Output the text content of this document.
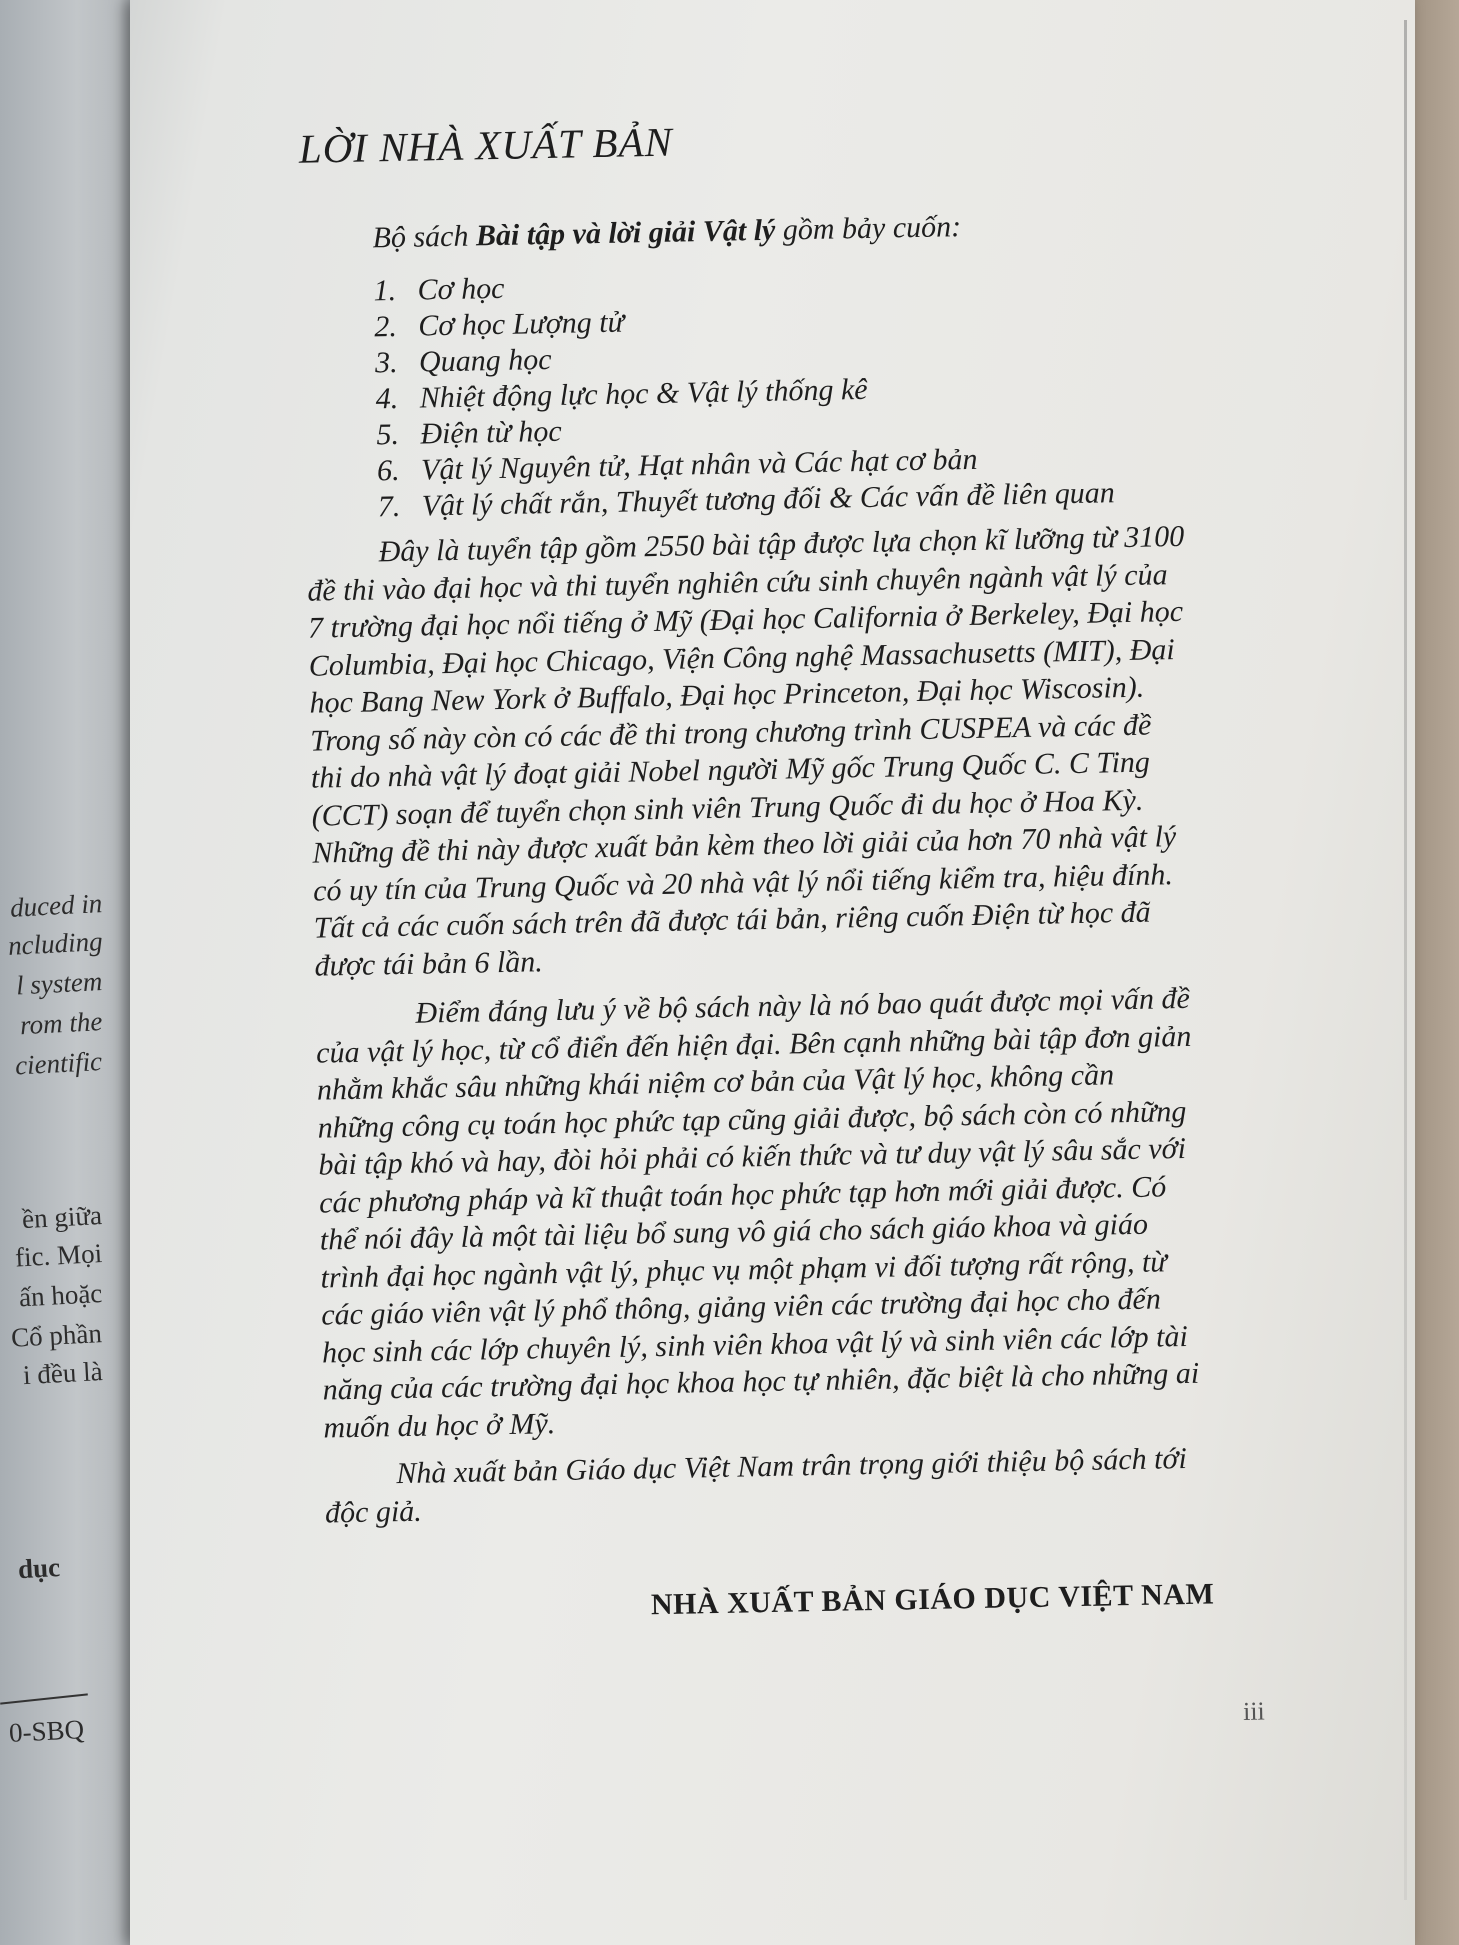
duced in
ncluding
l system
rom the
cientific
ền giữa
fic. Mọi
ấn hoặc
Cổ phần
i đều là
dục
0-SBQ
LỜI NHÀ XUẤT BẢN
Bộ sách Bài tập và lời giải Vật lý gồm bảy cuốn:
1. Cơ học
2. Cơ học Lượng tử
3. Quang học
4. Nhiệt động lực học & Vật lý thống kê
5. Điện từ học
6. Vật lý Nguyên tử, Hạt nhân và Các hạt cơ bản
7. Vật lý chất rắn, Thuyết tương đối & Các vấn đề liên quan
Đây là tuyển tập gồm 2550 bài tập được lựa chọn kĩ lưỡng từ 3100
đề thi vào đại học và thi tuyển nghiên cứu sinh chuyên ngành vật lý của
7 trường đại học nổi tiếng ở Mỹ (Đại học California ở Berkeley, Đại học
Columbia, Đại học Chicago, Viện Công nghệ Massachusetts (MIT), Đại
học Bang New York ở Buffalo, Đại học Princeton, Đại học Wiscosin).
Trong số này còn có các đề thi trong chương trình CUSPEA và các đề
thi do nhà vật lý đoạt giải Nobel người Mỹ gốc Trung Quốc C. C Ting
(CCT) soạn để tuyển chọn sinh viên Trung Quốc đi du học ở Hoa Kỳ.
Những đề thi này được xuất bản kèm theo lời giải của hơn 70 nhà vật lý
có uy tín của Trung Quốc và 20 nhà vật lý nổi tiếng kiểm tra, hiệu đính.
Tất cả các cuốn sách trên đã được tái bản, riêng cuốn Điện từ học đã
được tái bản 6 lần.
Điểm đáng lưu ý về bộ sách này là nó bao quát được mọi vấn đề
của vật lý học, từ cổ điển đến hiện đại. Bên cạnh những bài tập đơn giản
nhằm khắc sâu những khái niệm cơ bản của Vật lý học, không cần
những công cụ toán học phức tạp cũng giải được, bộ sách còn có những
bài tập khó và hay, đòi hỏi phải có kiến thức và tư duy vật lý sâu sắc với
các phương pháp và kĩ thuật toán học phức tạp hơn mới giải được. Có
thể nói đây là một tài liệu bổ sung vô giá cho sách giáo khoa và giáo
trình đại học ngành vật lý, phục vụ một phạm vi đối tượng rất rộng, từ
các giáo viên vật lý phổ thông, giảng viên các trường đại học cho đến
học sinh các lớp chuyên lý, sinh viên khoa vật lý và sinh viên các lớp tài
năng của các trường đại học khoa học tự nhiên, đặc biệt là cho những ai
muốn du học ở Mỹ.
Nhà xuất bản Giáo dục Việt Nam trân trọng giới thiệu bộ sách tới
độc giả.
NHÀ XUẤT BẢN GIÁO DỤC VIỆT NAM
iii
